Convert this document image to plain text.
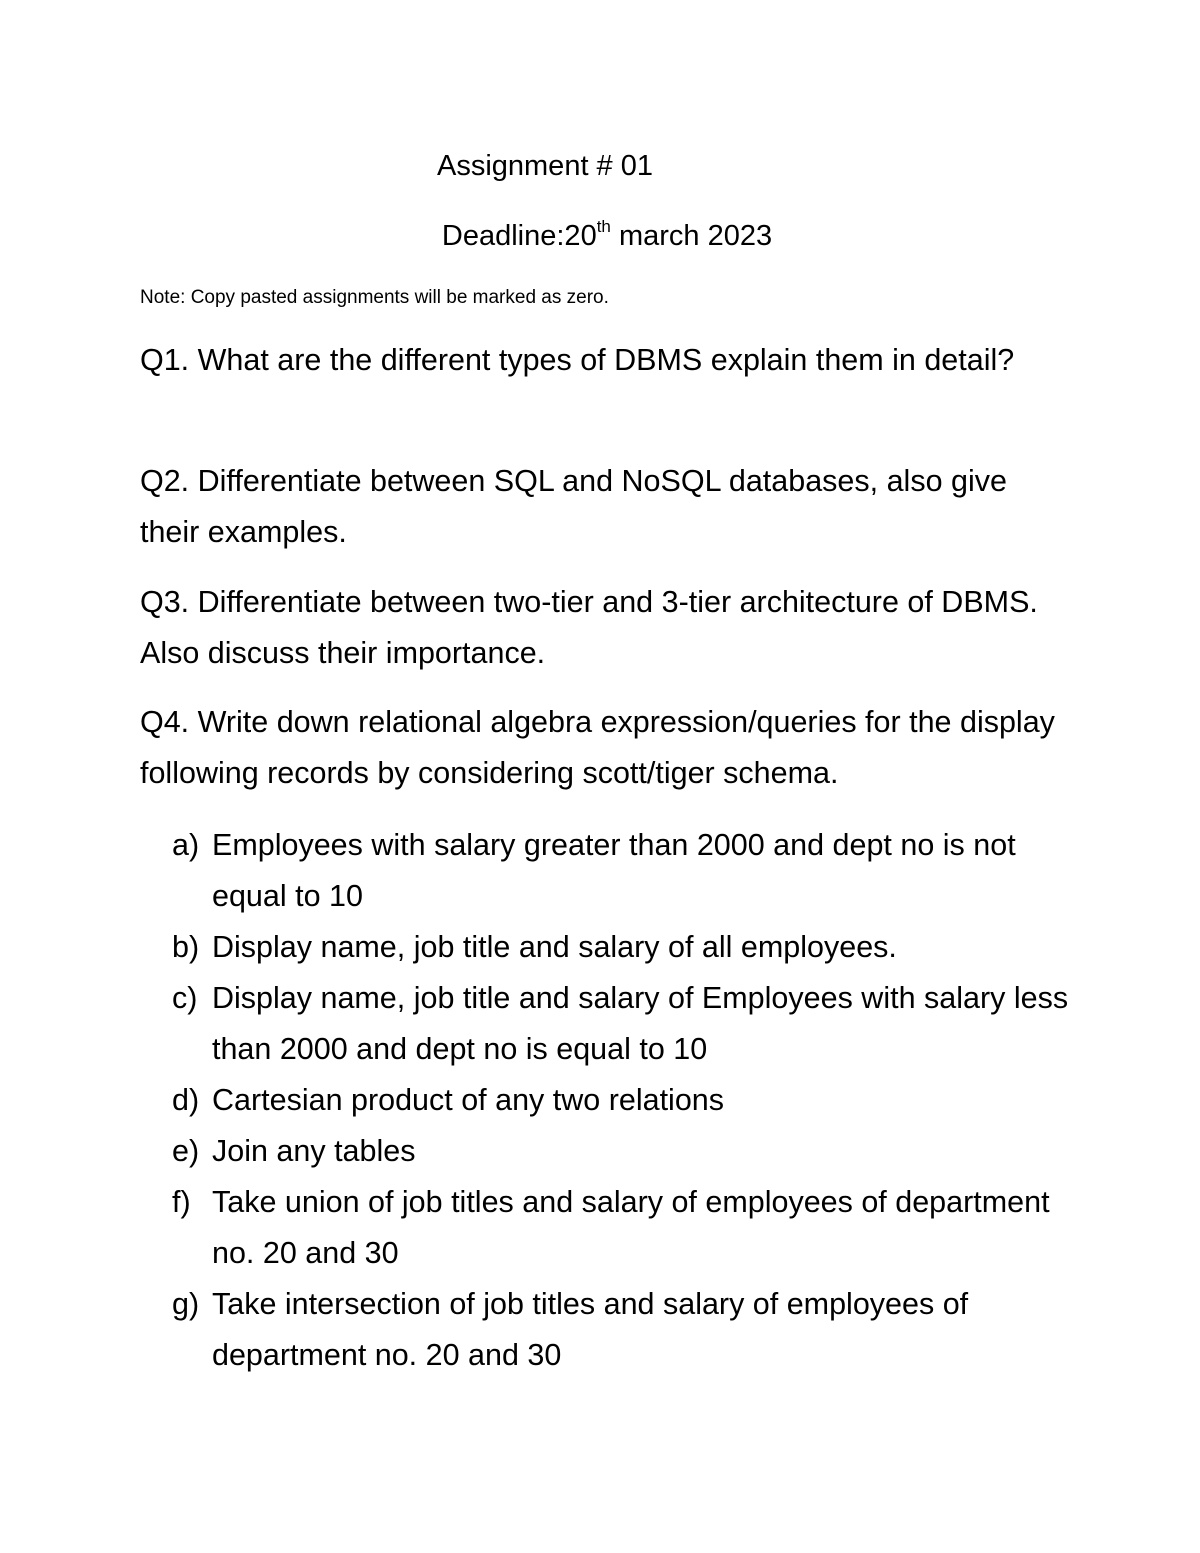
Assignment # 01
Deadline:20th march 2023
Note: Copy pasted assignments will be marked as zero.
Q1. What are the different types of DBMS explain them in detail?
Q2. Differentiate between SQL and NoSQL databases, also give their examples.
Q3. Differentiate between two-tier and 3-tier architecture of DBMS. Also discuss their importance.
Q4. Write down relational algebra expression/queries for the display following records by considering scott/tiger schema.
a) Employees with salary greater than 2000 and dept no is not equal to 10
b) Display name, job title and salary of all employees.
c) Display name, job title and salary of Employees with salary less than 2000 and dept no is equal to 10
d) Cartesian product of any two relations
e) Join any tables
f) Take union of job titles and salary of employees of department no. 20 and 30
g) Take intersection of job titles and salary of employees of department no. 20 and 30
